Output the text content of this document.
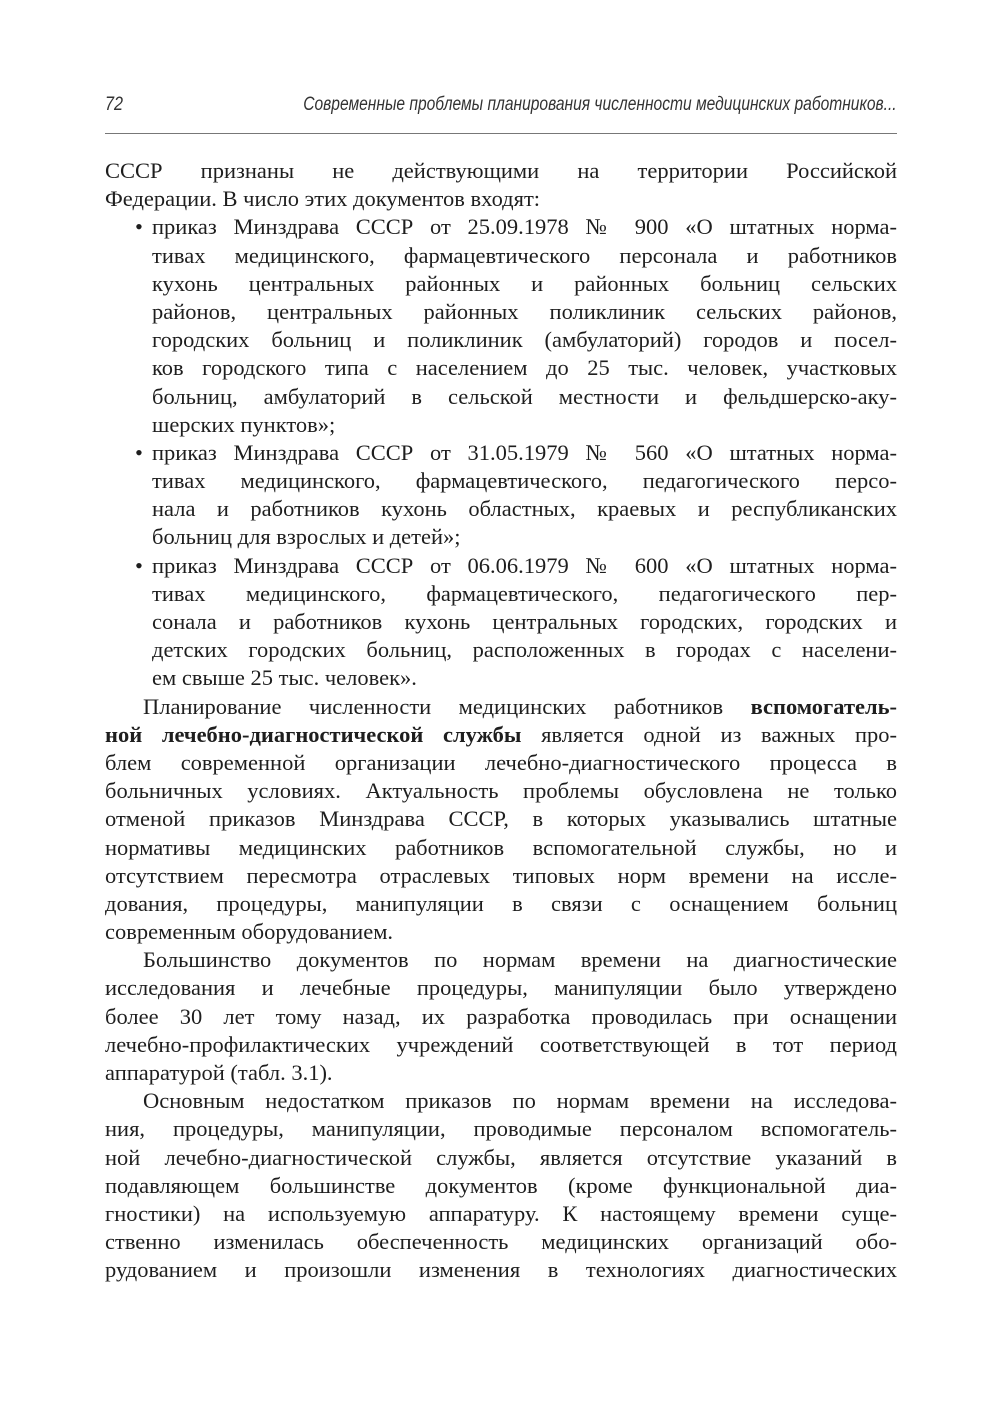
72	Современные проблемы планирования численности медицинских работников...
СССР признаны не действующими на территории Российской
Федерации. В число этих документов входят:
• приказ Минздрава СССР от 25.09.1978 № 900 «О штатных норма-
тивах медицинского, фармацевтического персонала и работников
кухонь центральных районных и районных больниц сельских
районов, центральных районных поликлиник сельских районов,
городских больниц и поликлиник (амбулаторий) городов и посел-
ков городского типа с населением до 25 тыс. человек, участковых
больниц, амбулаторий в сельской местности и фельдшерско-аку-
шерских пунктов»;
• приказ Минздрава СССР от 31.05.1979 № 560 «О штатных норма-
тивах медицинского, фармацевтического, педагогического персо-
нала и работников кухонь областных, краевых и республиканских
больниц для взрослых и детей»;
• приказ Минздрава СССР от 06.06.1979 № 600 «О штатных норма-
тивах медицинского, фармацевтического, педагогического пер-
сонала и работников кухонь центральных городских, городских и
детских городских больниц, расположенных в городах с населени-
ем свыше 25 тыс. человек».
Планирование численности медицинских работников вспомогатель-
ной лечебно-диагностической службы является одной из важных про-
блем современной организации лечебно-диагностического процесса в
больничных условиях. Актуальность проблемы обусловлена не только
отменой приказов Минздрава СССР, в которых указывались штатные
нормативы медицинских работников вспомогательной службы, но и
отсутствием пересмотра отраслевых типовых норм времени на иссле-
дования, процедуры, манипуляции в связи с оснащением больниц
современным оборудованием.
Большинство документов по нормам времени на диагностические
исследования и лечебные процедуры, манипуляции было утверждено
более 30 лет тому назад, их разработка проводилась при оснащении
лечебно-профилактических учреждений соответствующей в тот период
аппаратурой (табл. 3.1).
Основным недостатком приказов по нормам времени на исследова-
ния, процедуры, манипуляции, проводимые персоналом вспомогатель-
ной лечебно-диагностической службы, является отсутствие указаний в
подавляющем большинстве документов (кроме функциональной диа-
гностики) на используемую аппаратуру. К настоящему времени суще-
ственно изменилась обеспеченность медицинских организаций обо-
рудованием и произошли изменения в технологиях диагностических
